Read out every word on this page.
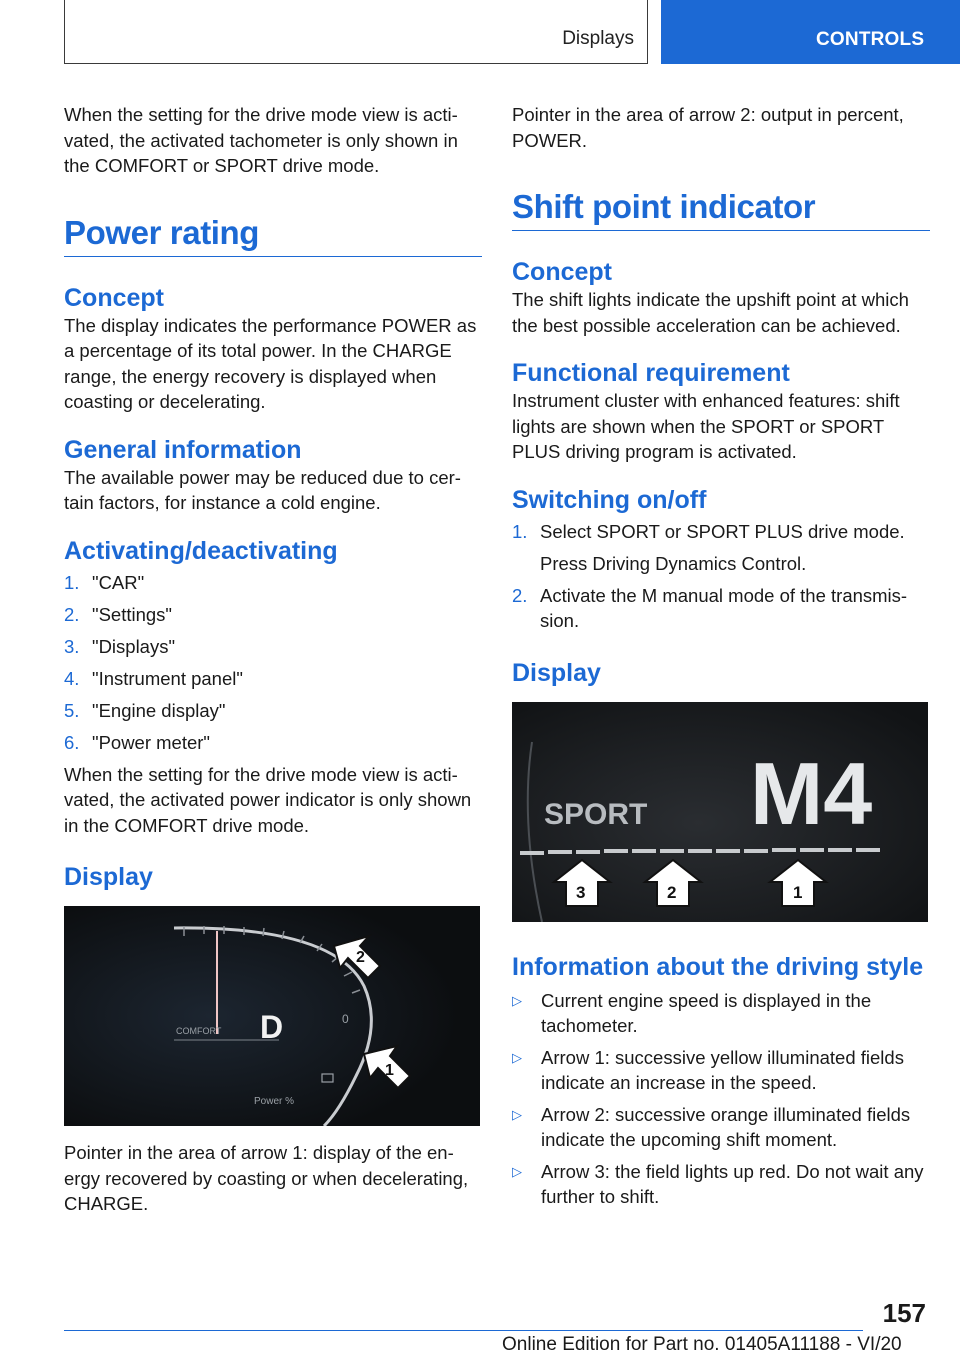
Displays	CONTROLS

When the setting for the drive mode view is activated, the activated tachometer is only shown in the COMFORT or SPORT drive mode.

Power rating
Concept

The display indicates the performance POWER as a percentage of its total power. In the CHARGE range, the energy recovery is displayed when coasting or decelerating.

General information

The available power may be reduced due to certain factors, for instance a cold engine.

Activating/deactivating
1. "CAR"
2. "Settings"
3. "Displays"
4. "Instrument panel"
5. "Engine display"
6. "Power meter"

When the setting for the drive mode view is activated, the activated power indicator is only shown in the COMFORT drive mode.

Display
COMFORT D	0
Power %
2
1

Pointer in the area of arrow 1: display of the energy recovered by coasting or when decelerating, CHARGE.

Pointer in the area of arrow 2: output in percent, POWER.

Shift point indicator
Concept

The shift lights indicate the upshift point at which the best possible acceleration can be achieved.

Functional requirement

Instrument cluster with enhanced features: shift lights are shown when the SPORT or SPORT PLUS driving program is activated.

Switching on/off
1. Select SPORT or SPORT PLUS drive mode.
Press Driving Dynamics Control.
2. Activate the M manual mode of the transmission.
Display
SPORT M4
3	2	1
Information about the driving style
▷ Current engine speed is displayed in the tachometer.
▷ Arrow 1: successive yellow illuminated fields indicate an increase in the speed.
▷ Arrow 2: successive orange illuminated fields indicate the upcoming shift moment.
▷ Arrow 3: the field lights up red. Do not wait any further to shift.
157
Online Edition for Part no. 01405A11188 - VI/20
